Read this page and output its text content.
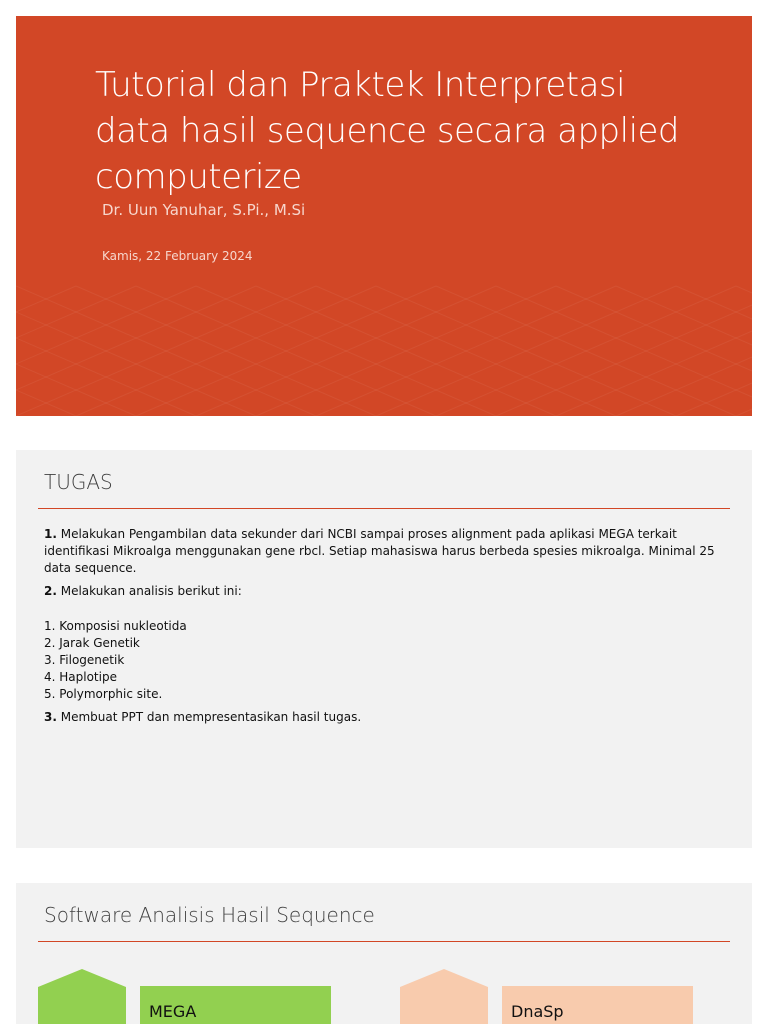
Tutorial dan Praktek Interpretasi
data hasil sequence secara applied
computerize
Dr. Uun Yanuhar, S.Pi., M.Si
Kamis, 22 February 2024
TUGAS

1. Melakukan Pengambilan data sekunder dari NCBI sampai proses alignment pada aplikasi MEGA terkait identifikasi Mikroalga menggunakan gene rbcl. Setiap mahasiswa harus berbeda spesies mikroalga. Minimal 25 data sequence.

2. Melakukan analisis berikut ini:

1. Komposisi nukleotida
2. Jarak Genetik
3. Filogenetik
4. Haplotipe
5. Polymorphic site.

3. Membuat PPT dan mempresentasikan hasil tugas.

Software Analisis Hasil Sequence
MEGA	DnaSp
